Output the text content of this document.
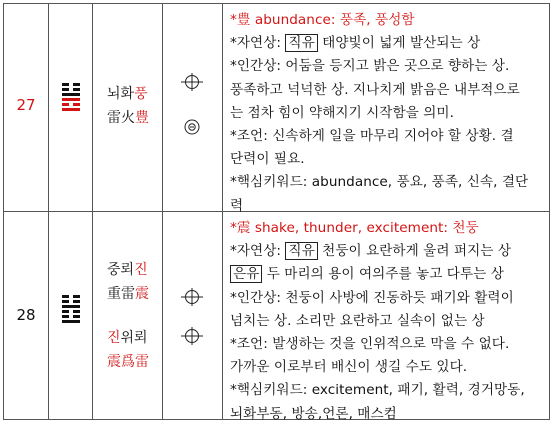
27
뇌화풍
雷火豊
*豊 abundance: 풍족, 풍성함
*자연상: 직유 태양빛이 넓게 발산되는 상
*인간상: 어둠을 등지고 밝은 곳으로 향하는 상.
풍족하고 넉넉한 상. 지나치게 밝음은 내부적으로
는 점차 힘이 약해지기 시작함을 의미.
*조언: 신속하게 일을 마무리 지어야 할 상황. 결
단력이 필요.
*핵심키워드: abundance, 풍요, 풍족, 신속, 결단
력
28
중뢰진
重雷震
진위뢰
震爲雷
*震 shake, thunder, excitement: 천둥
*자연상: 직유 천둥이 요란하게 울려 퍼지는 상
은유 두 마리의 용이 여의주를 놓고 다투는 상
*인간상: 천둥이 사방에 진동하듯 패기와 활력이
넘치는 상. 소리만 요란하고 실속이 없는 상
*조언: 발생하는 것을 인위적으로 막을 수 없다.
가까운 이로부터 배신이 생길 수도 있다.
*핵심키워드: excitement, 패기, 활력, 경거망동,
뇌화부동, 방송,언론, 매스컴
